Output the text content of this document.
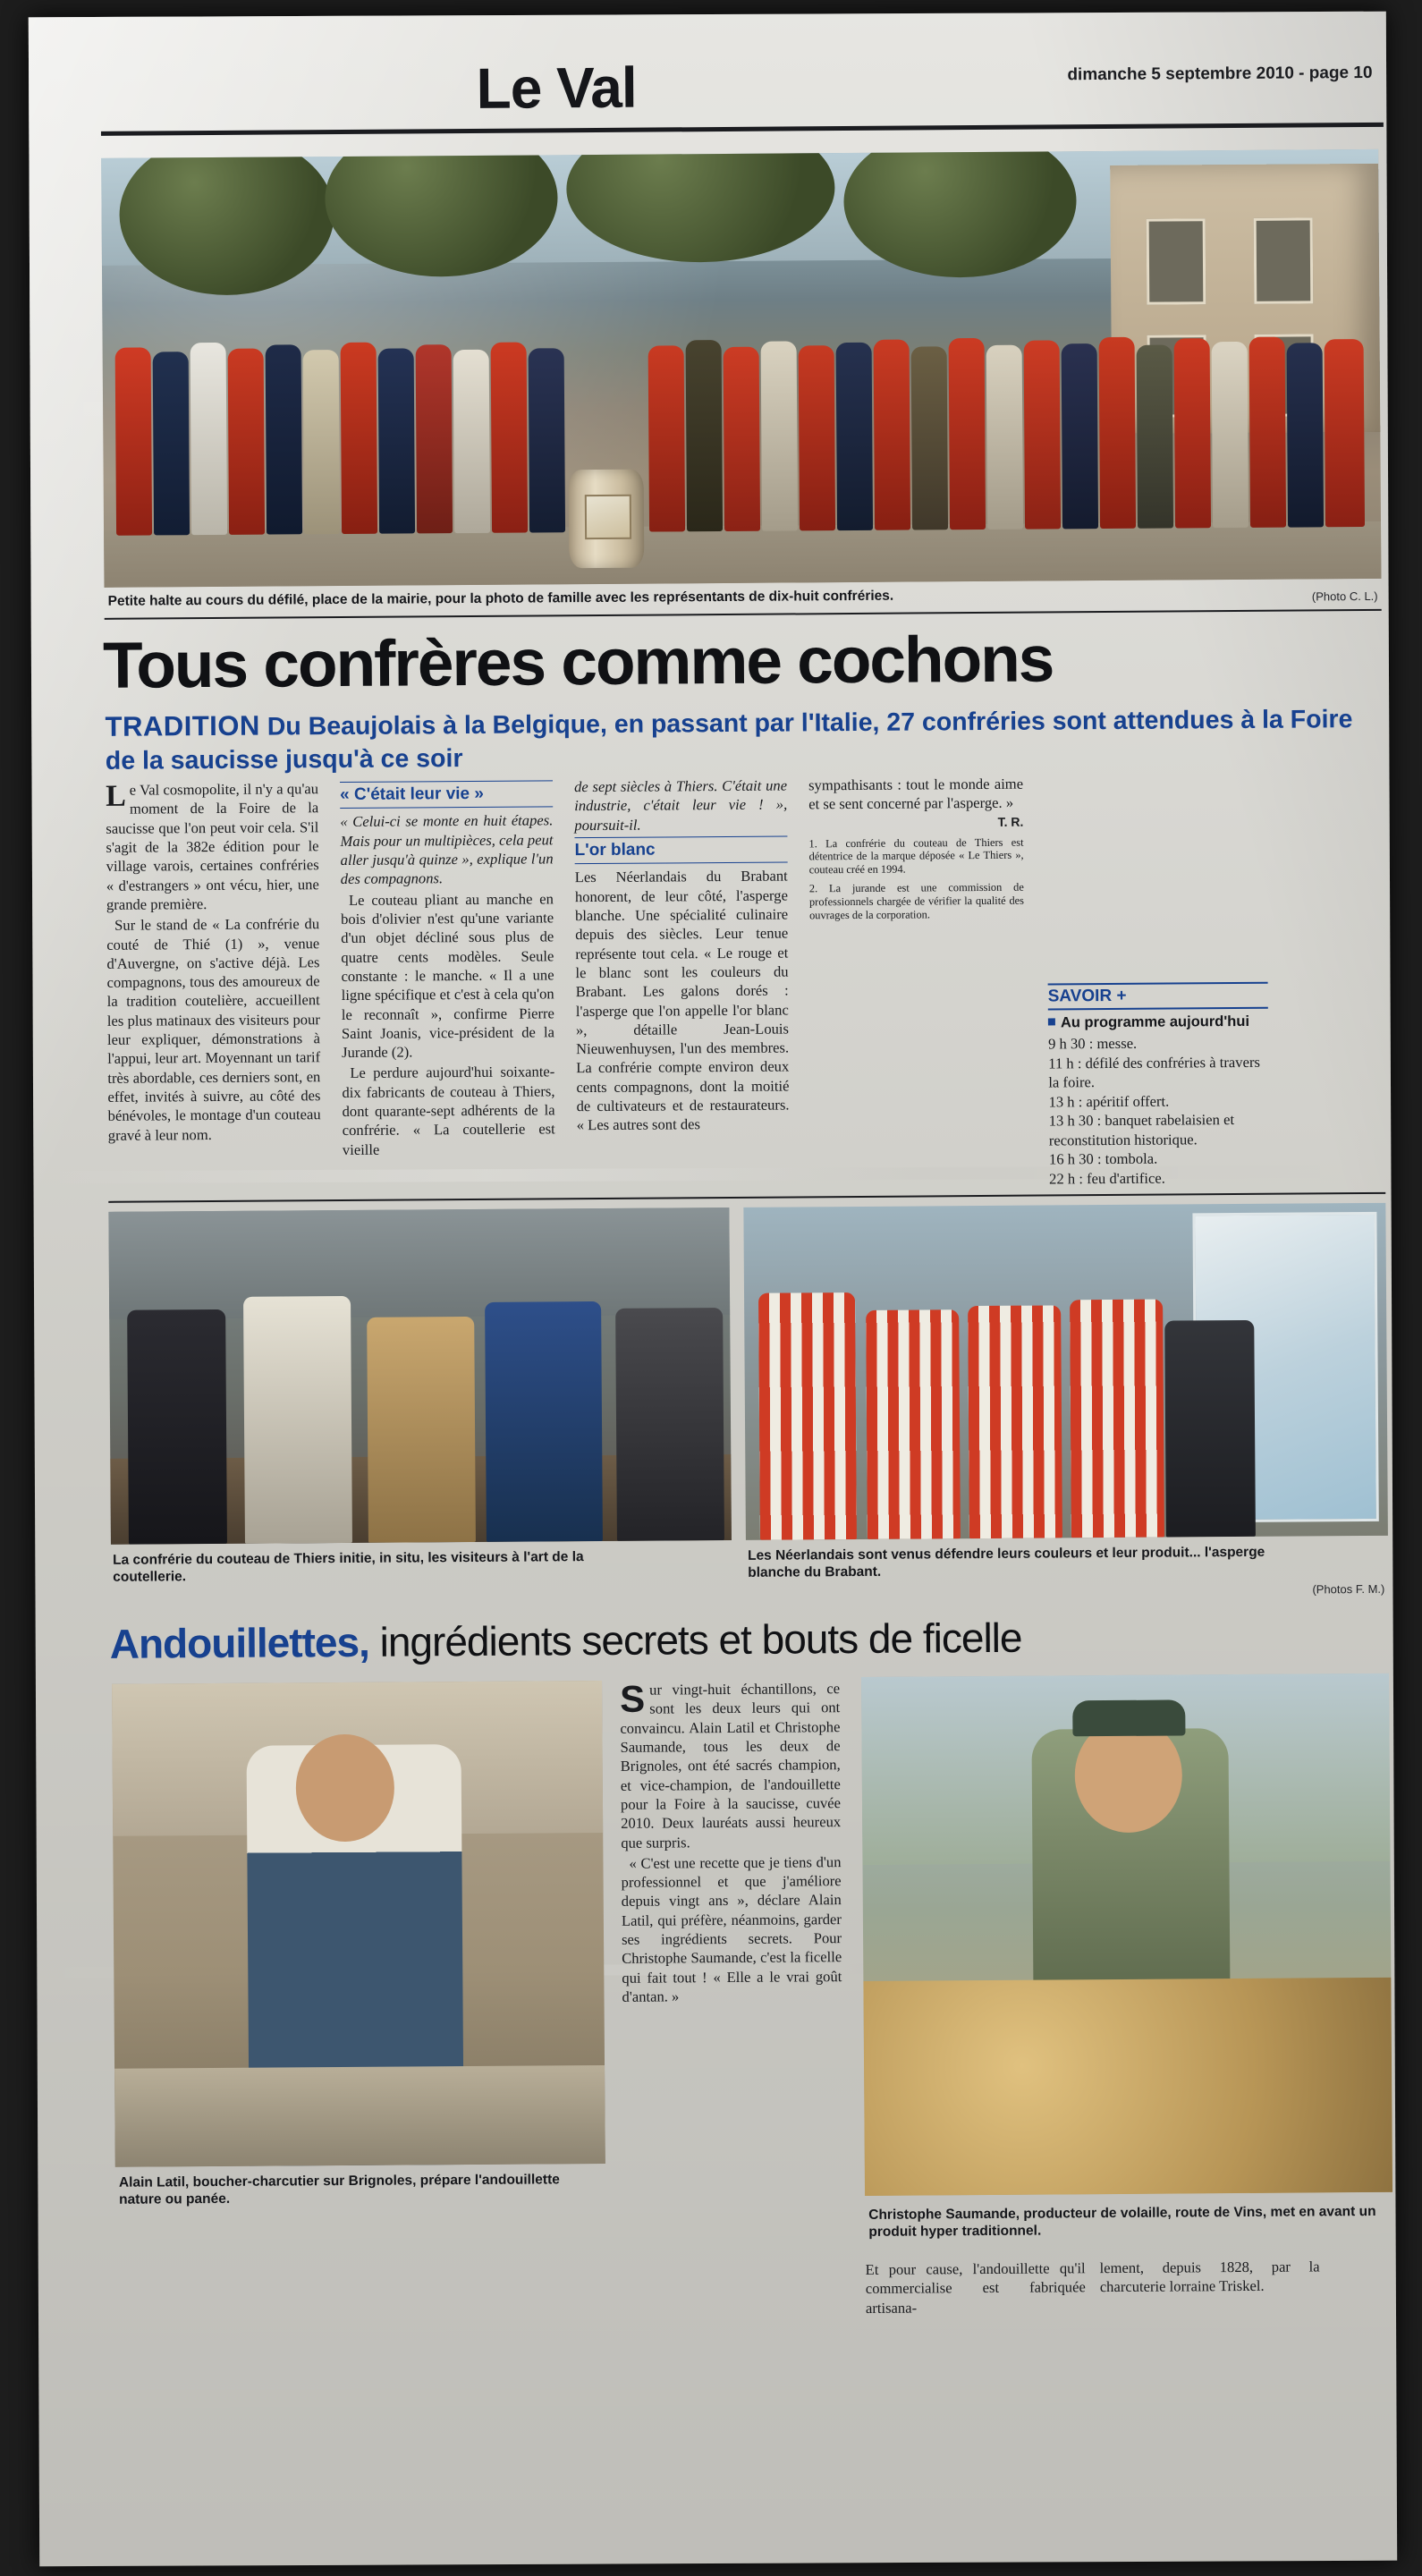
Le Val	dimanche 5 septembre 2010 - page 10
Petite halte au cours du défilé, place de la mairie, pour la photo de famille avec les représentants de dix-huit confréries.	(Photo C. L.)
Tous confrères comme cochons
TRADITION Du Beaujolais à la Belgique, en passant par l'Italie, 27 confréries sont attendues à la Foire de la saucisse jusqu'à ce soir

Le Val cosmopolite, il n'y a qu'au moment de la Foire de la saucisse que l'on peut voir cela. S'il s'agit de la 382e édition pour le village varois, certaines confréries « d'estrangers » ont vécu, hier, une grande première.

Sur le stand de « La confrérie du couté de Thié (1) », venue d'Auvergne, on s'active déjà. Les compagnons, tous des amoureux de la tradition coutelière, accueillent les plus matinaux des visiteurs pour leur expliquer, démonstrations à l'appui, leur art. Moyennant un tarif très abordable, ces derniers sont, en effet, invités à suivre, au côté des bénévoles, le montage d'un couteau gravé à leur nom.

« C'était leur vie »

« Celui-ci se monte en huit étapes. Mais pour un multipièces, cela peut aller jusqu'à quinze », explique l'un des compagnons.

Le couteau pliant au manche en bois d'olivier n'est qu'une variante d'un objet décliné sous plus de quatre cents modèles. Seule constante : le manche. « Il a une ligne spécifique et c'est à cela qu'on le reconnaît », confirme Pierre Saint Joanis, vice-président de la Jurande (2).

Le perdure aujourd'hui soixante-dix fabricants de couteau à Thiers, dont quarante-sept adhérents de la confrérie. « La coutellerie est vieille

de sept siècles à Thiers. C'était une industrie, c'était leur vie ! », poursuit-il.

L'or blanc

Les Néerlandais du Brabant honorent, de leur côté, l'asperge blanche. Une spécialité culinaire depuis des siècles. Leur tenue représente tout cela. « Le rouge et le blanc sont les couleurs du Brabant. Les galons dorés : l'asperge que l'on appelle l'or blanc », détaille Jean-Louis Nieuwenhuysen, l'un des membres. La confrérie compte environ deux cents compagnons, dont la moitié de cultivateurs et de restaurateurs. « Les autres sont des

sympathisants : tout le monde aime et se sent concerné par l'asperge. »

T. R.
1. La confrérie du couteau de Thiers est détentrice de la marque déposée « Le Thiers », couteau créé en 1994.
2. La jurande est une commission de professionnels chargée de vérifier la qualité des ouvrages de la corporation.
SAVOIR +
Au programme aujourd'hui
9 h 30 : messe.
11 h : défilé des confréries à travers la foire.
13 h : apéritif offert.
13 h 30 : banquet rabelaisien et reconstitution historique.
16 h 30 : tombola.
22 h : feu d'artifice.
La confrérie du couteau de Thiers initie, in situ, les visiteurs à l'art de la coutellerie.
Les Néerlandais sont venus défendre leurs couleurs et leur produit... l'asperge blanche du Brabant.
(Photos F. M.)
Andouillettes, ingrédients secrets et bouts de ficelle

Sur vingt-huit échantillons, ce sont les deux leurs qui ont convaincu. Alain Latil et Christophe Saumande, tous les deux de Brignoles, ont été sacrés champion, et vice-champion, de l'andouillette pour la Foire à la saucisse, cuvée 2010. Deux lauréats aussi heureux que surpris.

« C'est une recette que je tiens d'un professionnel et que j'améliore depuis vingt ans », déclare Alain Latil, qui préfère, néanmoins, garder ses ingrédients secrets. Pour Christophe Saumande, c'est la ficelle qui fait tout ! « Elle a le vrai goût d'antan. »

Et pour cause, l'andouillette qu'il commercialise est fabriquée artisana-

lement, depuis 1828, par la charcuterie lorraine Triskel.

Alain Latil, boucher-charcutier sur Brignoles, prépare l'andouillette nature ou panée.
Christophe Saumande, producteur de volaille, route de Vins, met en avant un produit hyper traditionnel.
